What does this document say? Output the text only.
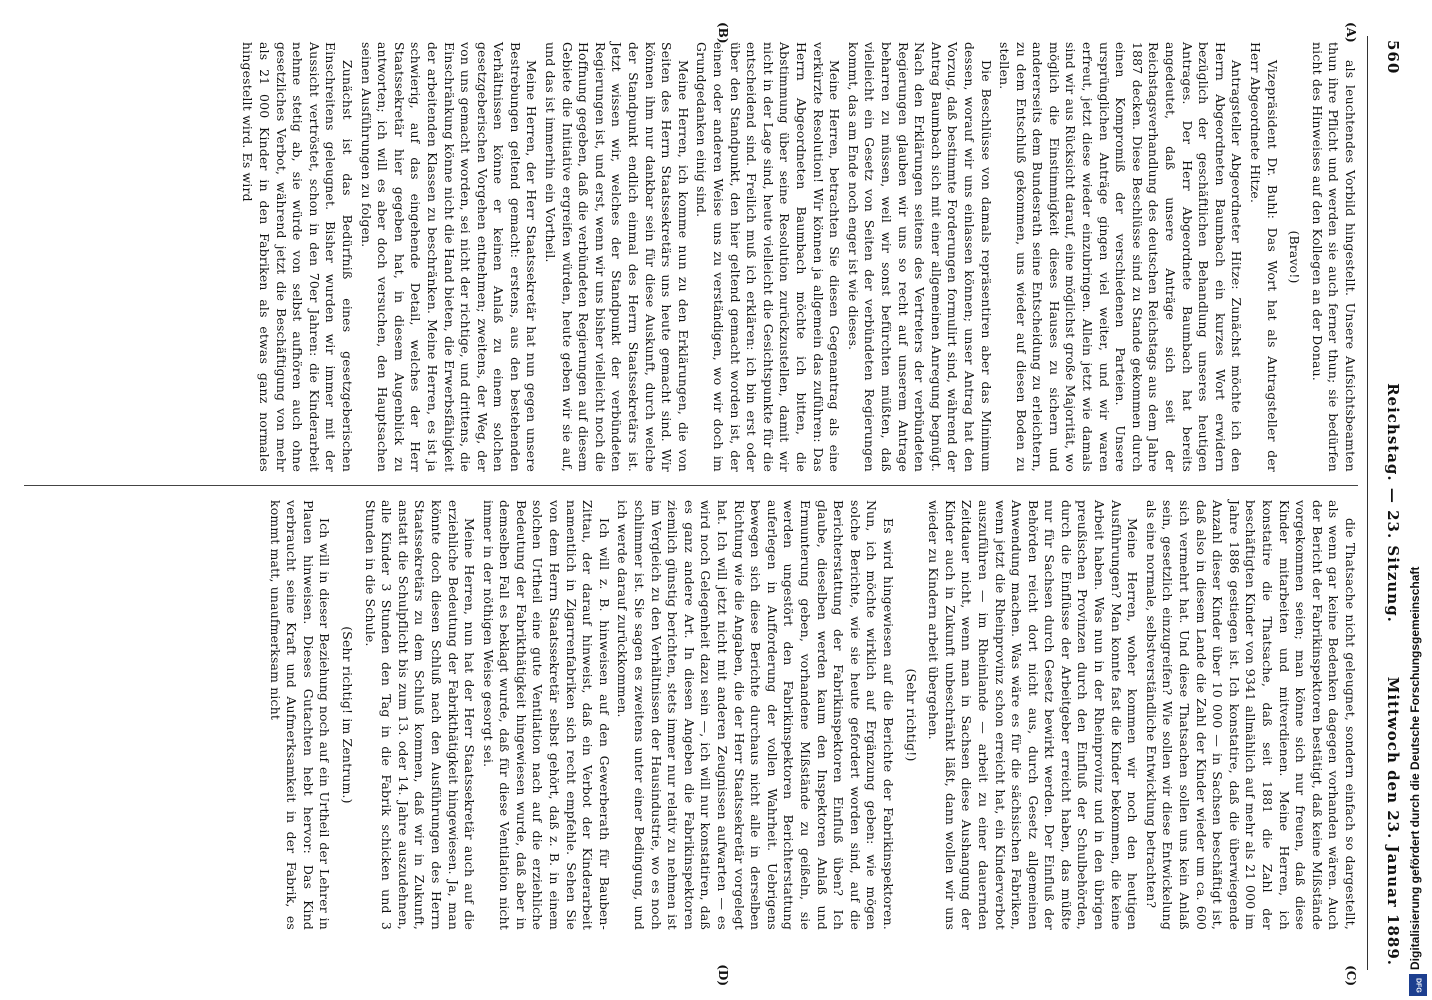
560
Reichstag. — 23. Sitzung.
Mittwoch den 23. Januar 1889.
(A)
(B)
(C)
(D)

als leuchtendes Vorbild hingestellt. Unsere Aufsichtsbeamten thun ihre Pflicht und werden sie auch ferner thun; sie bedürfen nicht des Hinweises auf den Kollegen an der Donau.

(Bravo!)

Vizepräsident Dr. Buhl: Das Wort hat als Antragsteller der Herr Abgeordnete Hitze.

Antragsteller Abgeordneter Hitze: Zunächst möchte ich den Herrn Abgeordneten Baumbach ein kurzes Wort erwidern bezüglich der geschäftlichen Behandlung unseres heutigen Antrages. Der Herr Abgeordnete Baumbach hat bereits angedeutet, daß unsere Anträge sich seit der Reichstagsverhandlung des deutschen Reichstags aus dem Jahre 1887 decken. Diese Beschlüsse sind zu Stande gekommen durch einen Kompromiß der verschiedenen Parteien. Unsere ursprünglichen Anträge gingen viel weiter, und wir waren erfreut, jetzt diese wieder einzubringen. Allein jetzt wie damals sind wir aus Rücksicht darauf, eine möglichst große Majorität, wo möglich die Einstimmigkeit dieses Hauses zu sichern und andererseits dem Bundesrath seine Entscheidung zu erleichtern, zu dem Entschluß gekommen, uns wieder auf diesen Boden zu stellen.

Die Beschlüsse von damals repräsentiren aber das Minimum dessen, worauf wir uns einlassen können; unser Antrag hat den Vorzug, daß bestimmte Forderungen formulirt sind, während der Antrag Baumbach sich mit einer allgemeinen Anregung begnügt. Nach den Erklärungen seitens des Vertreters der verbündeten Regierungen glauben wir uns so recht auf unserem Antrage beharren zu müssen, weil wir sonst befürchten müßten, daß vielleicht ein Gesetz von Seiten der verbündeten Regierungen kommt, das am Ende noch enger ist wie dieses.

Meine Herren, betrachten Sie diesen Gegenantrag als eine verkürzte Resolution! Wir können ja allgemein das zuführen: Das Herrn Abgeordneten Baumbach möchte ich bitten, die Abstimmung über seine Resolution zurückzustellen, damit wir nicht in der Lage sind, heute vielleicht die Gesichtspunkte für die entscheidend sind. Freilich muß ich erklären: ich bin erst oder über den Standpunkt, den hier geltend gemacht worden ist, der einen oder anderen Weise uns zu verständigen, wo wir doch im Grundgedanken einig sind.

Meine Herren, ich komme nun zu den Erklärungen, die von Seiten des Herrn Staatssekretärs uns heute gemacht sind. Wir können ihm nur dankbar sein für diese Auskunft, durch welche der Standpunkt endlich einmal des Herrn Staatssekretärs ist. Jetzt wissen wir, welches der Standpunkt der verbündeten Regierungen ist, und erst, wenn wir uns bisher vielleicht noch die Hoffnung gegeben, daß die verbündeten Regierungen auf diesem Gebiete die Initiative ergreifen würden, heute geben wir sie auf, und das ist immerhin ein Vortheil.

Meine Herren, der Herr Staatssekretär hat nun gegen unsere Bestrebungen geltend gemacht: erstens, aus den bestehenden Verhältnissen könne er keinen Anlaß zu einem solchen gesetzgeberischen Vorgehen entnehmen; zweitens, der Weg, der von uns gemacht worden, sei nicht der richtige, und drittens, die Einschränkung könne nicht die Hand bieten, die Erwerbsfähigkeit der arbeitenden Klassen zu beschränken. Meine Herren, es ist ja schwierig, auf das eingehende Detail, welches der Herr Staatssekretär hier gegeben hat, in diesem Augenblick zu antworten; ich will es aber doch versuchen, den Hauptsachen seinen Ausführungen zu folgen.

Zunächst ist das Bedürfniß eines gesetzgeberischen Einschreitens geleugnet. Bisher wurden wir immer mit der Aussicht vertröstet, schon in den 70er Jahren: die Kinderarbeit nehme stetig ab, sie würde von selbst aufhören auch ohne gesetzliches Verbot, während jetzt die Beschäftigung von mehr als 21 000 Kinder in den Fabriken als etwas ganz normales hingestellt wird. Es wird

die Thatsache nicht geleugnet, sondern einfach so dargestellt, als wenn gar keine Bedenken dagegen vorhanden wären. Auch der Bericht der Fabrikinspektoren bestätigt, daß keine Mißstände vorgekommen seien; man könne sich nur freuen, daß diese Kinder mitarbeiten und mitverdienen. Meine Herren, ich konstatire die Thatsache, daß seit 1881 die Zahl der beschäftigten Kinder von 9341 allmählich auf mehr als 21 000 im Jahre 1886 gestiegen ist. Ich konstatire, daß die überwiegende Anzahl dieser Kinder über 10 000 — in Sachsen beschäftigt ist, daß also in diesem Lande die Zahl der Kinder wieder um ca. 600 sich vermehrt hat. Und diese Thatsachen sollen uns kein Anlaß sein, gesetzlich einzugreifen? Wie sollen wir diese Entwickelung als eine normale, selbstverständliche Entwicklung betrachten?

Meine Herren, woher kommen wir noch den heutigen Ausführungen? Man konnte fast die Kinder bekommen, die keine Arbeit haben. Was nun in der Rheinprovinz und in den übrigen preußischen Provinzen durch den Einfluß der Schulbehörden, durch die Einflüsse der Arbeitgeber erreicht haben, das müßte nur für Sachsen durch Gesetz bewirkt werden. Der Einfluß der Behörden reicht dort nicht aus, durch Gesetz allgemeinen Anwendung machen. Was wäre es für die sächsischen Fabriken, wenn jetzt die Rheinprovinz schon erreicht hat, ein Kinderverbot auszuführen — im Rheinlande — arbeit zu einer dauernden Zeitdauer nicht, wenn man in Sachsen diese Aushangung der Kinder auch in Zukunft unbeschränkt läßt, dann wollen wir uns wieder zu Kindern arbeit übergehen.

(Sehr richtig!)

Es wird hingewiesen auf die Berichte der Fabrikinspektoren. Nun, ich möchte wirklich auf Ergänzung geben: wie mögen solche Berichte, wie sie heute gefordert worden sind, auf die Berichterstattung der Fabrikinspektoren Einfluß üben? Ich glaube, dieselben werden kaum den Inspektoren Anlaß und Ermunterung geben, vorhandene Mißstände zu geißeln, sie werden ungestört den Fabrikinspektoren Berichterstattung auferlegen in Aufforderung der vollen Wahrheit. Uebrigens bewegen sich diese Berichte durchaus nicht alle in derselben Richtung wie die Angaben, die der Herr Staatssekretär vorgelegt hat. Ich will jetzt nicht mit anderen Zeugnissen aufwarten — es wird noch Gelegenheit dazu sein —, ich will nur konstatiren, daß es ganz andere Art. In diesen Angeben die Fabrikinspektoren ziemlich günstig berichten, stets immer nur relativ zu nehmen ist im Vergleich zu den Verhältnissen der Hausindustrie, wo es noch schlimmer ist. Sie sagen es zweitens unter einer Bedingung, und ich werde darauf zurückkommen.

Ich will z. B. hinweisen auf den Gewerberath für Bauben-Zittau, der darauf hinweist, daß ein Verbot der Kinderarbeit namentlich in Zigarrenfabriken sich recht empfehle. Sehen Sie von dem Herrn Staatssekretär selbst gehört, daß z. B. in einem solchen Urtheil eine gute Ventilation nach auf die erziehliche Bedeutung der Fabrikthätigkeit hingewiesen wurde, daß aber in demselben Fall es beklagt wurde, daß für diese Ventilation nicht immer in der nöthigen Weise gesorgt sei.

Meine Herren, nun hat der Herr Staatssekretär auch auf die erziehliche Bedeutung der Fabrikthätigkeit hingewiesen. Ja, man könnte doch diesen Schluß nach den Ausführungen des Herrn Staatssekretärs zu dem Schluß kommen, daß wir in Zukunft, anstatt die Schulpflicht bis zum 13. oder 14. Jahre auszudehnen, alle Kinder 3 Stunden den Tag in die Fabrik schicken und 3 Stunden in die Schule.

(Sehr richtig! im Zentrum.)

Ich will in dieser Beziehung noch auf ein Urtheil der Lehrer in Plauen hinweisen. Dieses Gutachten hebt hervor: Das Kind verbraucht seine Kraft und Aufmerksamkeit in der Fabrik, es kommt matt, unaufmerksam nicht	Digitalisierung gefördert durch die Deutsche Forschungsgemeinschaft
DFG
